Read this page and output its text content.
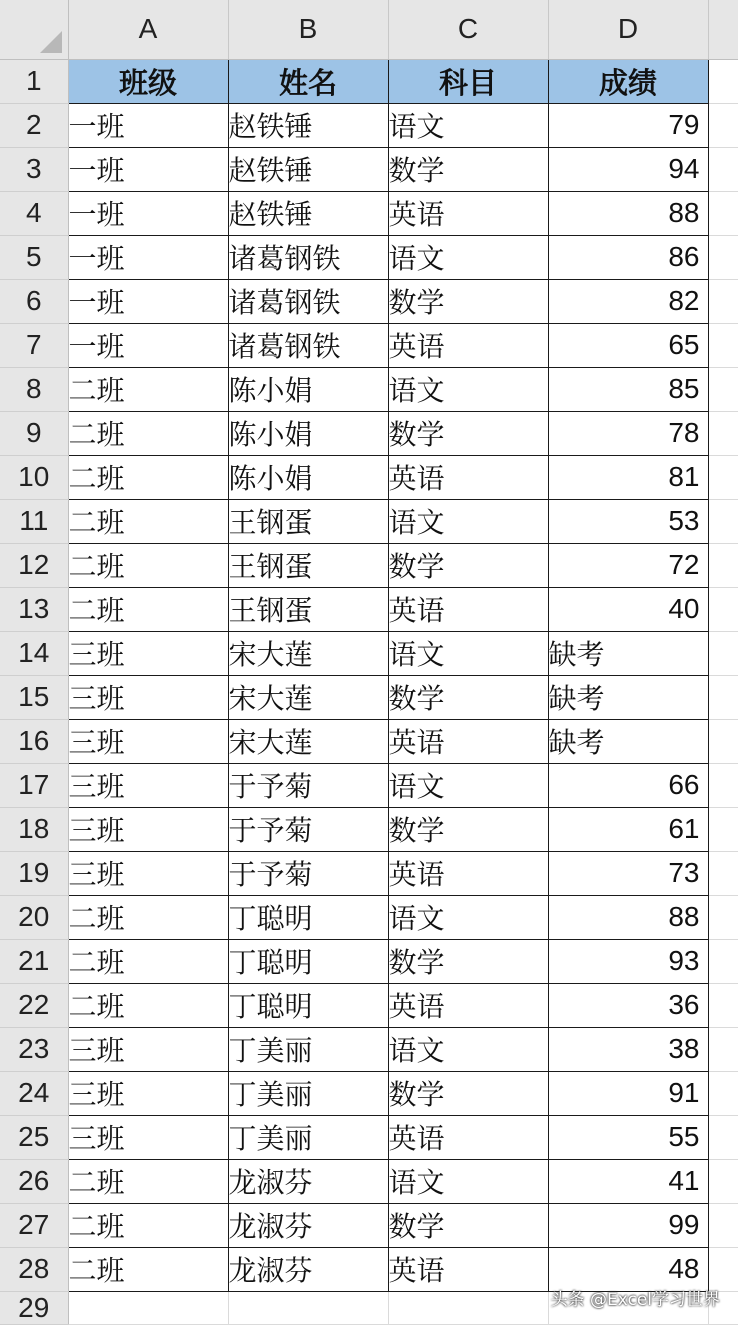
	A	B	C	D	
1	班级	姓名	科目	成绩	
2	一班	赵铁锤	语文	79	
3	一班	赵铁锤	数学	94	
4	一班	赵铁锤	英语	88	
5	一班	诸葛钢铁	语文	86	
6	一班	诸葛钢铁	数学	82	
7	一班	诸葛钢铁	英语	65	
8	二班	陈小娟	语文	85	
9	二班	陈小娟	数学	78	
10	二班	陈小娟	英语	81	
11	二班	王钢蛋	语文	53	
12	二班	王钢蛋	数学	72	
13	二班	王钢蛋	英语	40	
14	三班	宋大莲	语文	缺考	
15	三班	宋大莲	数学	缺考	
16	三班	宋大莲	英语	缺考	
17	三班	于予菊	语文	66	
18	三班	于予菊	数学	61	
19	三班	于予菊	英语	73	
20	二班	丁聪明	语文	88	
21	二班	丁聪明	数学	93	
22	二班	丁聪明	英语	36	
23	三班	丁美丽	语文	38	
24	三班	丁美丽	数学	91	
25	三班	丁美丽	英语	55	
26	二班	龙淑芬	语文	41	
27	二班	龙淑芬	数学	99	
28	二班	龙淑芬	英语	48	
29						头条 @Excel学习世界
